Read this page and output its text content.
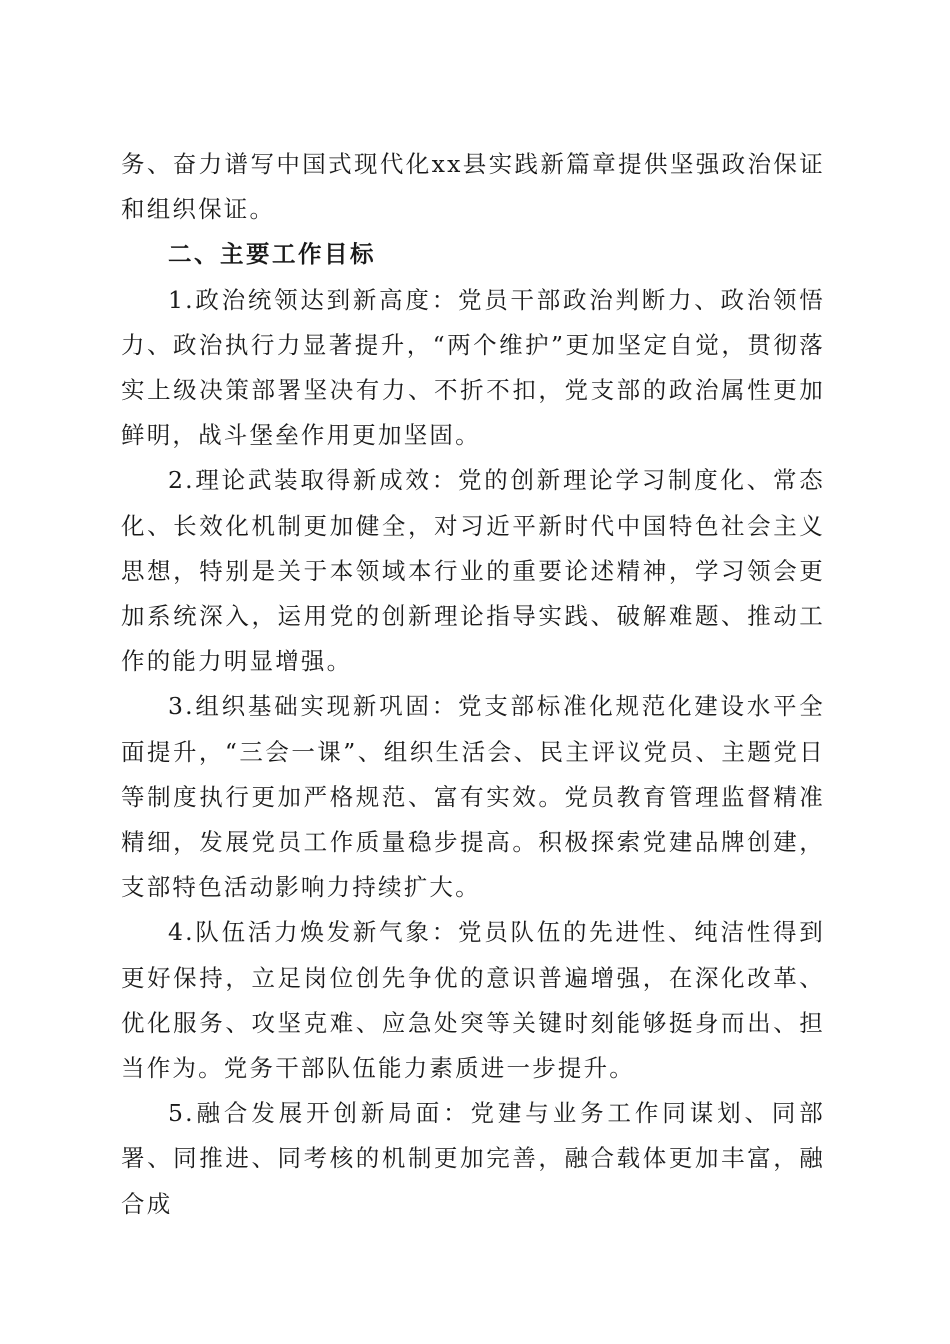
务、奋力谱写中国式现代化xx县实践新篇章提供坚强政治保证和组织保证。

二、主要工作目标

1.政治统领达到新高度：党员干部政治判断力、政治领悟力、政治执行力显著提升，“两个维护”更加坚定自觉，贯彻落实上级决策部署坚决有力、不折不扣，党支部的政治属性更加鲜明，战斗堡垒作用更加坚固。

2.理论武装取得新成效：党的创新理论学习制度化、常态化、长效化机制更加健全，对习近平新时代中国特色社会主义思想，特别是关于本领域本行业的重要论述精神，学习领会更加系统深入，运用党的创新理论指导实践、破解难题、推动工作的能力明显增强。

3.组织基础实现新巩固：党支部标准化规范化建设水平全面提升，“三会一课”、组织生活会、民主评议党员、主题党日等制度执行更加严格规范、富有实效。党员教育管理监督精准精细，发展党员工作质量稳步提高。积极探索党建品牌创建，支部特色活动影响力持续扩大。

4.队伍活力焕发新气象：党员队伍的先进性、纯洁性得到更好保持，立足岗位创先争优的意识普遍增强，在深化改革、优化服务、攻坚克难、应急处突等关键时刻能够挺身而出、担当作为。党务干部队伍能力素质进一步提升。

5.融合发展开创新局面：党建与业务工作同谋划、同部署、同推进、同考核的机制更加完善，融合载体更加丰富，融合成
